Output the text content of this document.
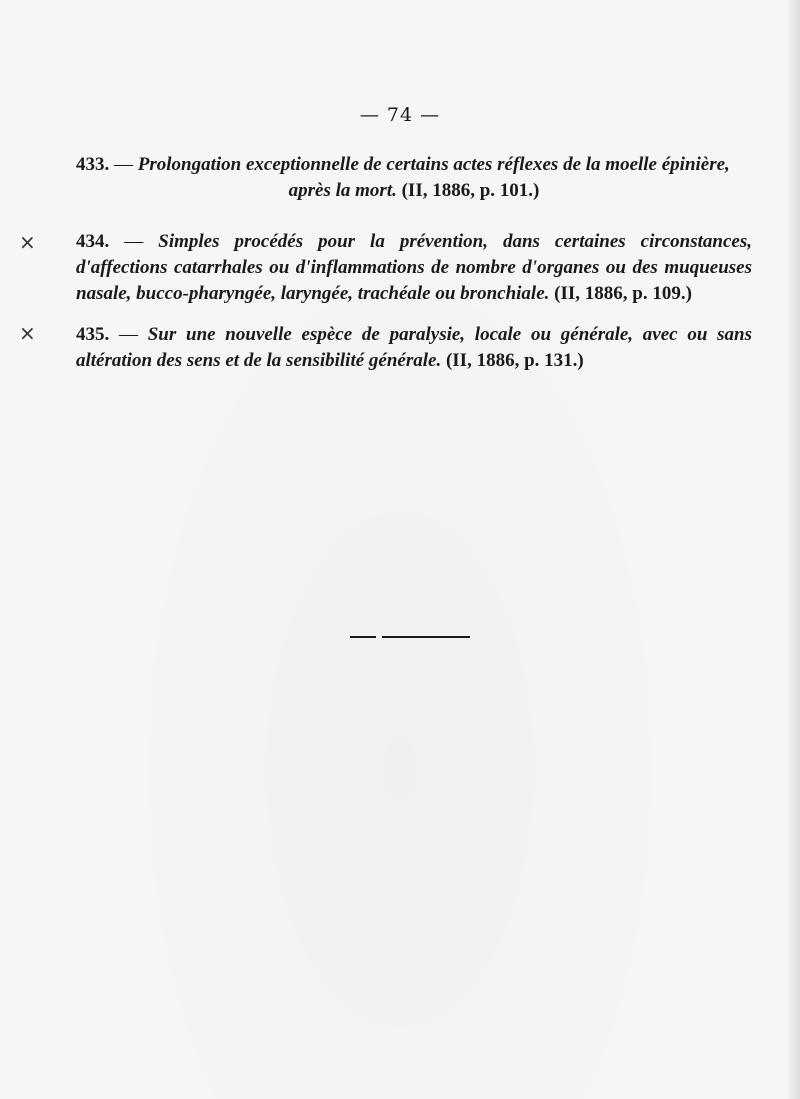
— 74 —
433. — Prolongation exceptionnelle de certains actes réflexes de la moelle épinière,
après la mort. (II, 1886, p. 101.)
× 434. — Simples procédés pour la prévention, dans certaines circonstances, d'affections catarrhales ou d'inflammations de nombre d'organes ou des muqueuses nasale, bucco-pharyngée, laryngée, trachéale ou bronchiale. (II, 1886, p. 109.)
× 435. — Sur une nouvelle espèce de paralysie, locale ou générale, avec ou sans altération des sens et de la sensibilité générale. (II, 1886, p. 131.)
